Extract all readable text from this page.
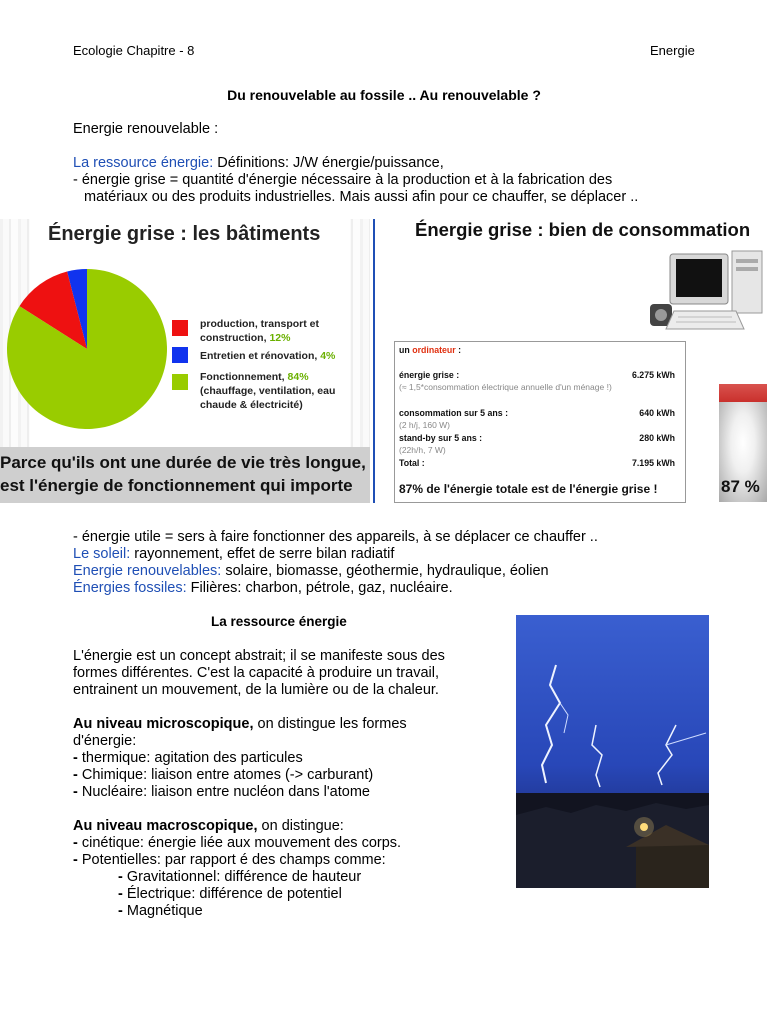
Ecologie Chapitre - 8	Energie
Du renouvelable au fossile .. Au renouvelable ?
Energie renouvelable :
La ressource énergie: Définitions: J/W énergie/puissance,
- énergie grise = quantité d'énergie nécessaire à la production et à la fabrication des
matériaux ou des produits industrielles. Mais aussi afin pour ce chauffer, se déplacer ..
Énergie grise : les bâtiments
production, transport et construction, 12%
Entretien et rénovation, 4%
Fonctionnement, 84% (chauffage, ventilation, eau chaude & électricité)
Parce qu'ils ont une durée de vie très longue,
est l'énergie de fonctionnement qui importe
Énergie grise : bien de consommation
un ordinateur :
énergie grise :	6.275 kWh
(≈ 1,5*consommation électrique annuelle d'un ménage !)
consommation sur 5 ans :	640 kWh
(2 h/j, 160 W)
stand-by sur 5 ans :	280 kWh
(22h/h, 7 W)
Total :	7.195 kWh
87% de l'énergie totale est de l'énergie grise !	87 %
- énergie utile = sers à faire fonctionner des appareils, à se déplacer ce chauffer ..
Le soleil: rayonnement, effet de serre bilan radiatif
Energie renouvelables: solaire, biomasse, géothermie, hydraulique, éolien
Énergies fossiles: Filières: charbon, pétrole, gaz, nucléaire.
La ressource énergie
L'énergie est un concept abstrait; il se manifeste sous des
formes différentes. C'est la capacité à produire un travail,
entrainent un mouvement, de la lumière ou de la chaleur.
Au niveau microscopique, on distingue les formes
d'énergie:
- thermique: agitation des particules
- Chimique: liaison entre atomes (-> carburant)
- Nucléaire: liaison entre nucléon dans l'atome
Au niveau macroscopique, on distingue:
- cinétique: énergie liée aux mouvement des corps.
- Potentielles: par rapport é des champs comme:
- Gravitationnel: différence de hauteur
- Électrique: différence de potentiel
- Magnétique
